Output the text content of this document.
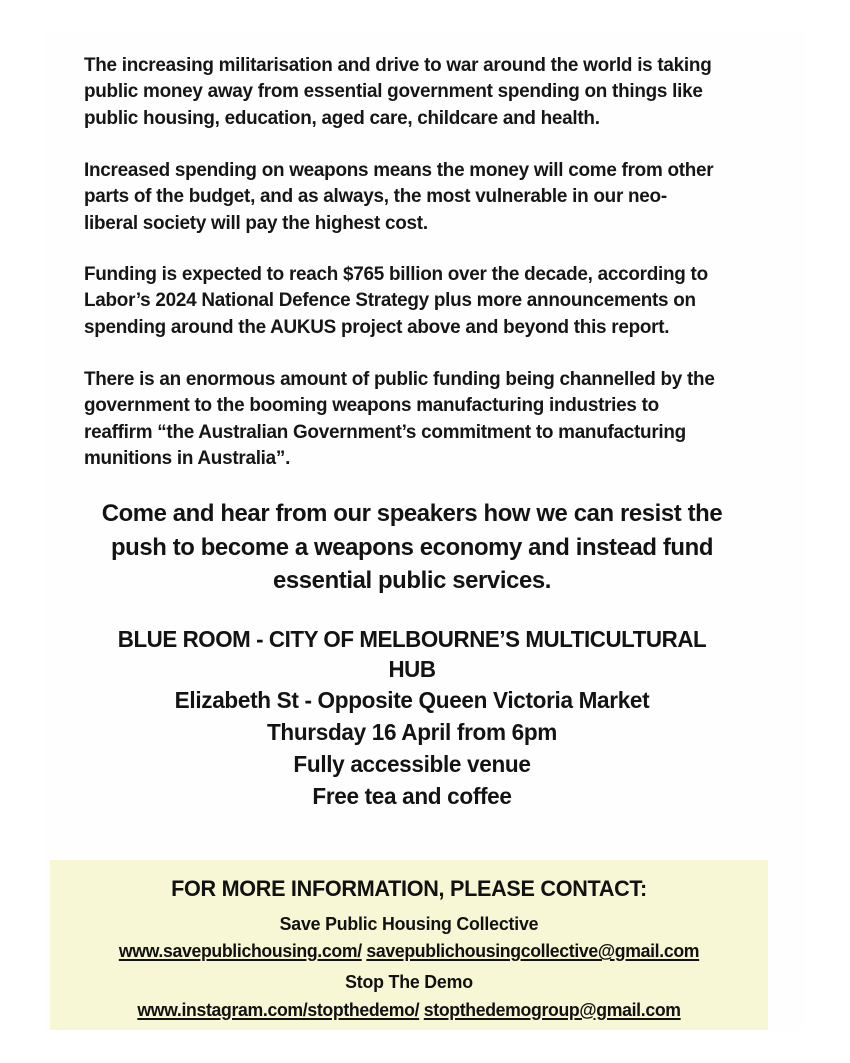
The increasing militarisation and drive to war around the world is taking public money away from essential government spending on things like public housing, education, aged care, childcare and health.

Increased spending on weapons means the money will come from other parts of the budget, and as always, the most vulnerable in our neo-liberal society will pay the highest cost.

Funding is expected to reach $765 billion over the decade, according to Labor’s 2024 National Defence Strategy plus more announcements on spending around the AUKUS project above and beyond this report.

There is an enormous amount of public funding being channelled by the government to the booming weapons manufacturing industries to reaffirm “the Australian Government’s commitment to manufacturing munitions in Australia”.

Come and hear from our speakers how we can resist the push to become a weapons economy and instead fund essential public services.

BLUE ROOM - CITY OF MELBOURNE’S MULTICULTURAL HUB
Elizabeth St - Opposite Queen Victoria Market
Thursday 16 April from 6pm
Fully accessible venue
Free tea and coffee
FOR MORE INFORMATION, PLEASE CONTACT:
Save Public Housing Collective
www.savepublichousing.com/ savepublichousingcollective@gmail.com
Stop The Demo
www.instagram.com/stopthedemo/ stopthedemogroup@gmail.com
